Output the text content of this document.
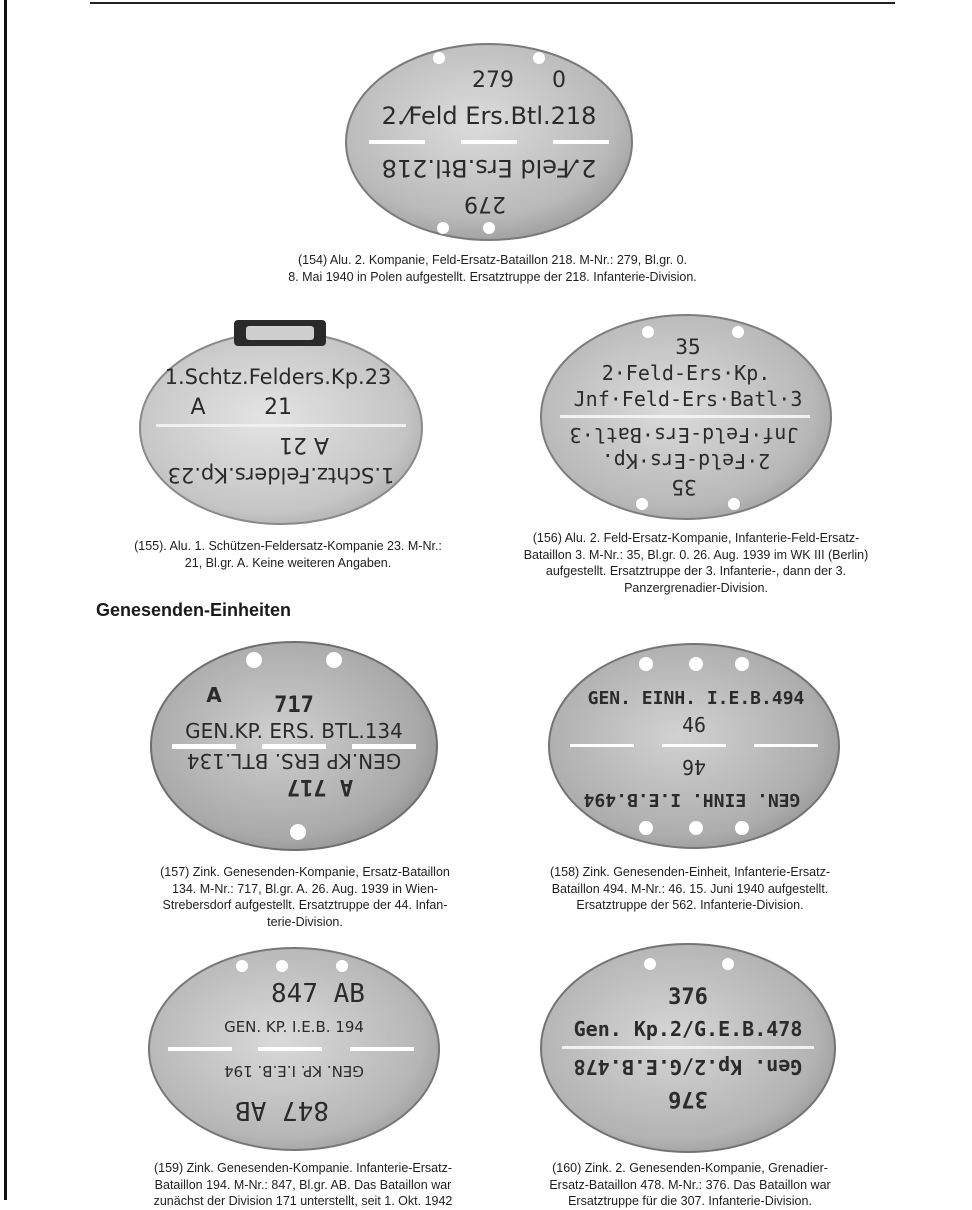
279 0
2.⁄Feld Ers.Btl.218
2.⁄Feld Ers.Btl.218
279
(154) Alu. 2. Kompanie, Feld-Ersatz-Bataillon 218. M-Nr.: 279, Bl.gr. 0.
8. Mai 1940 in Polen aufgestellt. Ersatztruppe der 218. Infanterie-Division.
1.Schtz.Felders.Kp.23
A	21
1.Schtz.Felders.Kp.23
A 21
(155). Alu. 1. Schützen-Feldersatz-Kompanie 23. M-Nr.:
21, Bl.gr. A. Keine weiteren Angaben.
35
2·Feld-Ers·Kp.
Jnf·Feld-Ers·Batl·3
Jnf·Feld-Ers·Batl·3
2·Feld-Ers·Kp.
35
(156) Alu. 2. Feld-Ersatz-Kompanie, Infanterie-Feld-Ersatz-
Bataillon 3. M-Nr.: 35, Bl.gr. 0. 26. Aug. 1939 im WK III (Berlin)
aufgestellt. Ersatztruppe der 3. Infanterie-, dann der 3.
Panzergrenadier-Division.
Genesenden-Einheiten
A 717
GEN.KP. ERS. BTL.134
GEN.KP ERS. BTL.134
A 717
(157) Zink. Genesenden-Kompanie, Ersatz-Bataillon
134. M-Nr.: 717, Bl.gr. A. 26. Aug. 1939 in Wien-
Strebersdorf aufgestellt. Ersatztruppe der 44. Infan-
terie-Division.
GEN. EINH. I.E.B.494
46
46
GEN. EINH. I.E.B.494
(158) Zink. Genesenden-Einheit, Infanterie-Ersatz-
Bataillon 494. M-Nr.: 46. 15. Juni 1940 aufgestellt.
Ersatztruppe der 562. Infanterie-Division.
847 AB
GEN. KP. I.E.B. 194
GEN. KP. I.E.B. 194
847 AB
(159) Zink. Genesenden-Kompanie. Infanterie-Ersatz-
Bataillon 194. M-Nr.: 847, Bl.gr. AB. Das Bataillon war
zunächst der Division 171 unterstellt, seit 1. Okt. 1942
376
Gen. Kp.2/G.E.B.478
Gen. Kp.2/G.E.B.478
376
(160) Zink. 2. Genesenden-Kompanie, Grenadier-
Ersatz-Bataillon 478. M-Nr.: 376. Das Bataillon war
Ersatztruppe für die 307. Infanterie-Division.
